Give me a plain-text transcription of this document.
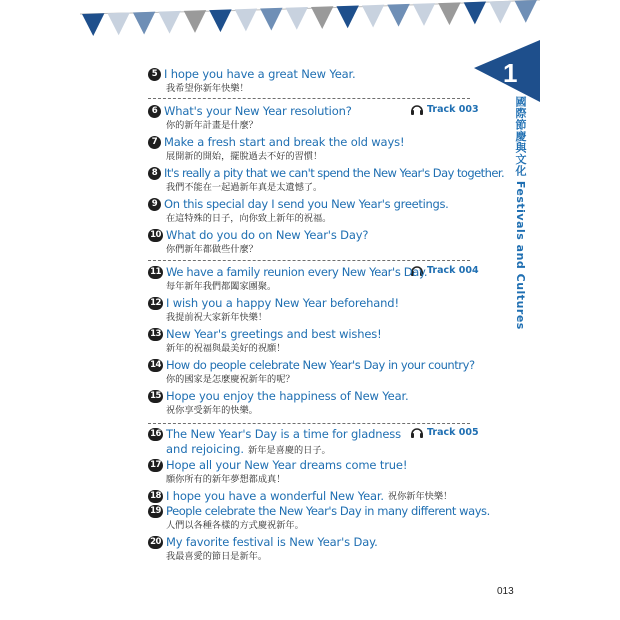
Chapter
1
國際節慶與文化 Festivals and Cultures
Track 003
Track 004
Track 005
5 I hope you have a great New Year.
我希望你新年快樂！
6 What's your New Year resolution?
你的新年計畫是什麼？
7 Make a fresh start and break the old ways!
展開新的開始，擺脫過去不好的習慣！
8 It's really a pity that we can't spend the New Year's Day together.
我們不能在一起過新年真是太遺憾了。
9 On this special day I send you New Year's greetings.
在這特殊的日子，向你致上新年的祝福。
10 What do you do on New Year's Day?
你們新年都做些什麼？
11 We have a family reunion every New Year's Day.
每年新年我們都闔家團聚。
12 I wish you a happy New Year beforehand!
我提前祝大家新年快樂！
13 New Year's greetings and best wishes!
新年的祝福與最美好的祝願！
14 How do people celebrate New Year's Day in your country?
你的國家是怎麼慶祝新年的呢？
15 Hope you enjoy the happiness of New Year.
祝你享受新年的快樂。
16 The New Year's Day is a time for gladness
and rejoicing. 新年是喜慶的日子。
17 Hope all your New Year dreams come true!
願你所有的新年夢想都成真！
18 I hope you have a wonderful New Year. 祝你新年快樂！
19 People celebrate the New Year's Day in many different ways.
人們以各種各樣的方式慶祝新年。
20 My favorite festival is New Year's Day.
我最喜愛的節日是新年。
013
